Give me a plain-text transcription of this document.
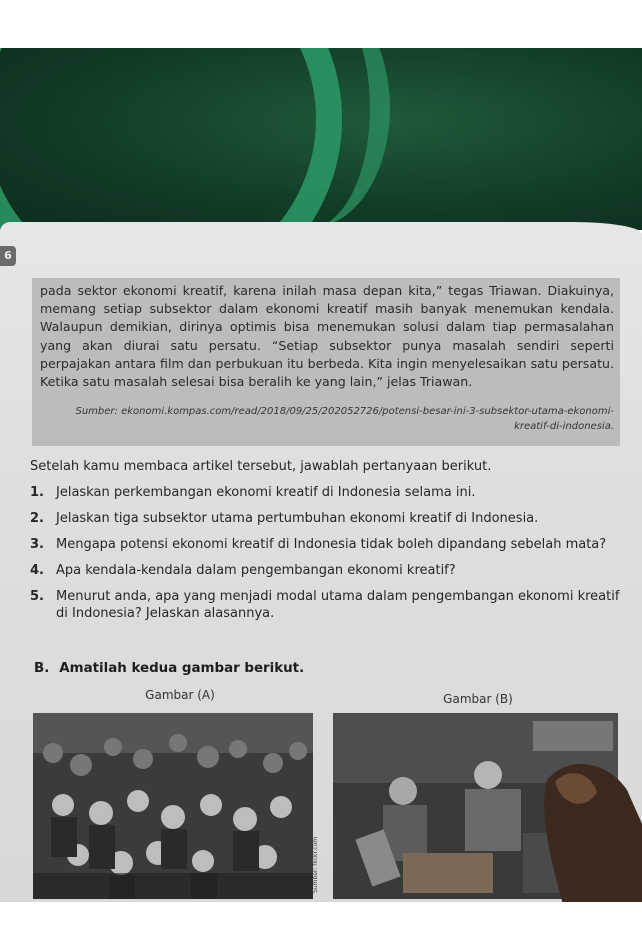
6

pada sektor ekonomi kreatif, karena inilah masa depan kita,” tegas Triawan. Diakuinya, memang setiap subsektor dalam ekonomi kreatif masih banyak menemukan kendala. Walaupun demikian, dirinya optimis bisa menemukan solusi dalam tiap permasalahan yang akan diurai satu persatu. “Setiap subsektor punya masalah sendiri seperti perpajakan antara film dan perbukuan itu berbeda. Kita ingin menyelesaikan satu persatu. Ketika satu masalah selesai bisa beralih ke yang lain,” jelas Triawan.

Sumber: ekonomi.kompas.com/read/2018/09/25/202052726/potensi-besar-ini-3-subsektor-utama-ekonomi-kreatif-di-indonesia.

Setelah kamu membaca artikel tersebut, jawablah pertanyaan berikut.

1. Jelaskan perkembangan ekonomi kreatif di Indonesia selama ini.
2. Jelaskan tiga subsektor utama pertumbuhan ekonomi kreatif di Indonesia.
3. Mengapa potensi ekonomi kreatif di Indonesia tidak boleh dipandang sebelah mata?
4. Apa kendala-kendala dalam pengembangan ekonomi kreatif?
5. Menurut anda, apa yang menjadi modal utama dalam pengembangan ekonomi kreatif di Indonesia? Jelaskan alasannya.

B. Amatilah kedua gambar berikut.

Gambar (A)	Gambar (B)
Sumber: flickr.com
